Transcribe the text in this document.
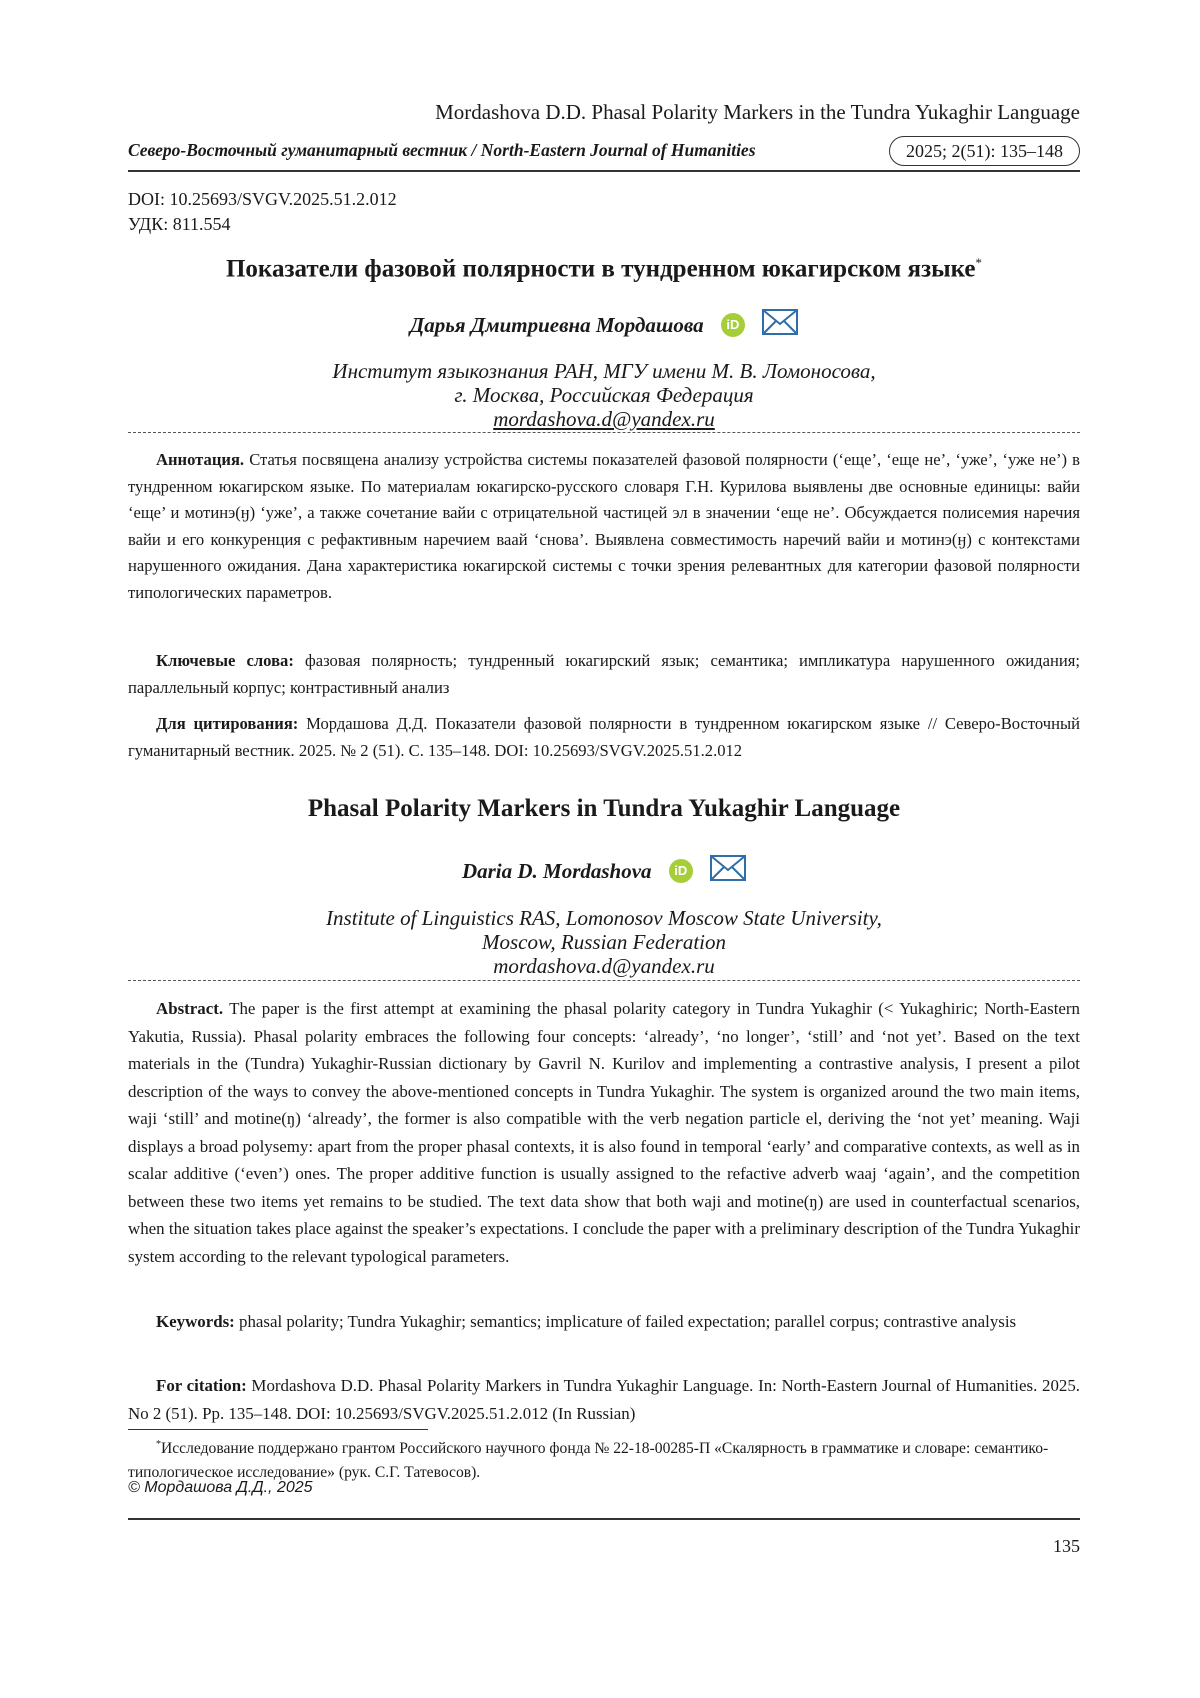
Mordashova D.D. Phasal Polarity Markers in the Tundra Yukaghir Language
Северо-Восточный гуманитарный вестник / North-Eastern Journal of Humanities	2025; 2(51): 135–148
DOI: 10.25693/SVGV.2025.51.2.012
УДК: 811.554
Показатели фазовой полярности в тундренном юкагирском языке*
Дарья Дмитриевна Мордашова iD
Институт языкознания РАН, МГУ имени М. В. Ломоносова,
г. Москва, Российская Федерация
mordashova.d@yandex.ru
Аннотация. Статья посвящена анализу устройства системы показателей фазовой полярности (‘еще’, ‘еще не’, ‘уже’, ‘уже не’) в тундренном юкагирском языке. По материалам юкагирско-русского словаря Г.Н. Курилова выявлены две основные единицы: вайи ‘еще’ и мотинэ(ӈ) ‘уже’, а также сочетание вайи с отрицательной частицей эл в значении ‘еще не’. Обсуждается полисемия наречия вайи и его конкуренция с рефактивным наречием ваай ‘снова’. Выявлена совместимость наречий вайи и мотинэ(ӈ) с контекстами нарушенного ожидания. Дана характеристика юкагирской системы с точки зрения релевантных для категории фазовой полярности типологических параметров.
Ключевые слова: фазовая полярность; тундренный юкагирский язык; семантика; импликатура нарушенного ожидания; параллельный корпус; контрастивный анализ
Для цитирования: Мордашова Д.Д. Показатели фазовой полярности в тундренном юкагирском языке // Северо-Восточный гуманитарный вестник. 2025. № 2 (51). С. 135–148. DOI: 10.25693/SVGV.2025.51.2.012
Phasal Polarity Markers in Tundra Yukaghir Language
Daria D. Mordashova iD
Institute of Linguistics RAS, Lomonosov Moscow State University,
Moscow, Russian Federation
mordashova.d@yandex.ru
Abstract. The paper is the first attempt at examining the phasal polarity category in Tundra Yukaghir (< Yukaghiric; North-Eastern Yakutia, Russia). Phasal polarity embraces the following four concepts: ‘already’, ‘no longer’, ‘still’ and ‘not yet’. Based on the text materials in the (Tundra) Yukaghir-Russian dictionary by Gavril N. Kurilov and implementing a contrastive analysis, I present a pilot description of the ways to convey the above-mentioned concepts in Tundra Yukaghir. The system is organized around the two main items, waji ‘still’ and motine(ŋ) ‘already’, the former is also compatible with the verb negation particle el, deriving the ‘not yet’ meaning. Waji displays a broad polysemy: apart from the proper phasal contexts, it is also found in temporal ‘early’ and comparative contexts, as well as in scalar additive (‘even’) ones. The proper additive function is usually assigned to the refactive adverb waaj ‘again’, and the competition between these two items yet remains to be studied. The text data show that both waji and motine(ŋ) are used in counterfactual scenarios, when the situation takes place against the speaker’s expectations. I conclude the paper with a preliminary description of the Tundra Yukaghir system according to the relevant typological parameters.
Keywords: phasal polarity; Tundra Yukaghir; semantics; implicature of failed expectation; parallel corpus; contrastive analysis
For citation: Mordashova D.D. Phasal Polarity Markers in Tundra Yukaghir Language. In: North-Eastern Journal of Humanities. 2025. No 2 (51). Pp. 135–148. DOI: 10.25693/SVGV.2025.51.2.012 (In Russian)
*Исследование поддержано грантом Российского научного фонда № 22-18-00285-П «Скалярность в грамматике и словаре: семантико-типологическое исследование» (рук. С.Г. Татевосов).
© Мордашова Д.Д., 2025
135
